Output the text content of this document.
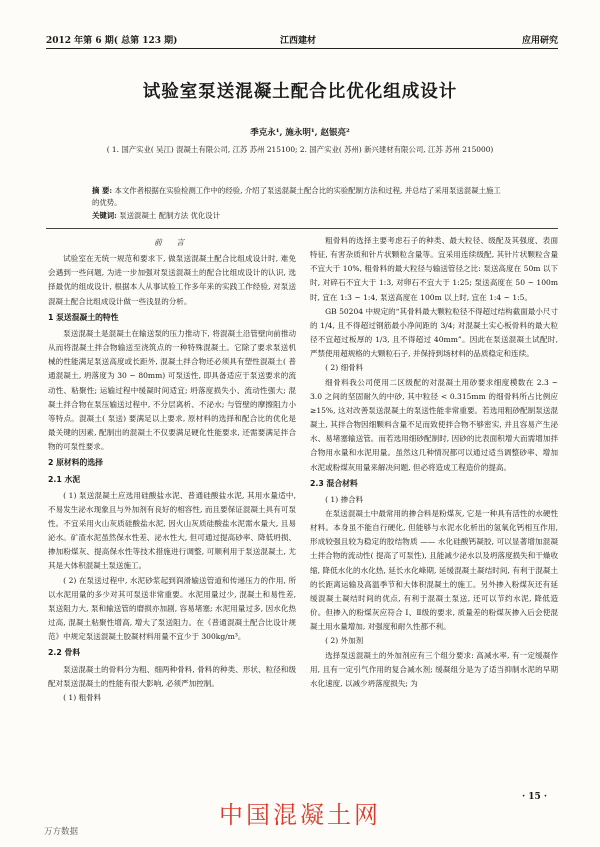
2012 年第 6 期( 总第 123 期)	江西建材	应用研究
试验室泵送混凝土配合比优化组成设计
季克永¹, 施永明¹, 赵银亮²
( 1. 国产实业( 吴江) 混凝土有限公司, 江苏 苏州 215100; 2. 国产实业( 苏州) 新兴建材有限公司, 江苏 苏州 215000)
摘 要: 本文作者根据在实验检测工作中的经验, 介绍了泵送混凝土配合比的实验配制方法和过程, 并总结了采用泵送混凝土施工的优势。
关键词: 泵送混凝土 配制方法 优化设计
前 言

试验室在无统一规范和要求下, 做泵送混凝土配合比组成设计时, 难免会遇到一些问题, 为进一步加强对泵送混凝土的配合比组成设计的认识, 选择最优的组成设计, 根据本人从事试验工作多年来的实践工作经验, 对泵送混凝土配合比组成设计做一些浅显的分析。

1 泵送混凝土的特性

泵送混凝土是混凝土在输送泵的压力推动下, 将混凝土沿管壁向前推动从而将混凝土拌合物输送至浇筑点的一种特殊混凝土。它除了要求泵送机械的性能满足泵送高度或长距外, 混凝土拌合物还必须具有塑性混凝土( 普通混凝土, 坍落度为 30 ~ 80mm) 可泵送性, 即具备适应于泵送要求的流动性、粘聚性; 运输过程中缓凝时间适宜; 坍落度损失小、流动性强大; 混凝土拌合物在泵压输送过程中, 不分层离析、不泌水; 与管壁的摩擦阻力小等特点。混凝土( 泵送) 要满足以上要求, 原材料的选择和配合比的优化是最关键的因素, 配制出的混凝土不仅要满足硬化性能要求, 还需要满足拌合物的可泵性要求。

2 原材料的选择
2.1 水泥

( 1) 泵送混凝土应选用硅酸盐水泥、普通硅酸盐水泥, 其用水量适中, 不易发生泌水现象且与外加剂有良好的相容性, 而且要保证混凝土具有可泵性。不宜采用火山灰质硅酸盐水泥, 因火山灰质硅酸盐水泥需水量大, 且易泌水。矿渣水泥虽然保水性差、泌水性大, 但可通过提高砂率、降低坍损、掺加粉煤灰、提高保水性等技术措施进行调整, 可顺利用于泵送混凝土, 尤其是大体积混凝土泵送施工。

( 2) 在泵送过程中, 水泥砂浆起到润滑输送管道和传递压力的作用, 所以水泥用量的多少对其可泵送非常重要。水泥用量过少, 混凝土和易性差, 泵送阻力大, 泵和输送管的磨损亦加剧, 容易堵塞; 水泥用量过多, 因水化热过高, 混凝土粘聚性增高, 增大了泵送阻力。在《普通混凝土配合比设计规范》中规定泵送混凝土胶凝材料用量不宜少于 300kg/m³。

2.2 骨料

泵送混凝土的骨料分为粗、细两种骨料, 骨料的种类、形状、粒径和级配对泵送混凝土的性能有很大影响, 必须严加控制。

( 1) 粗骨料

粗骨料的选择主要考虑石子的种类、最大粒径、级配及其强度、表面特征, 有害杂质和针片状颗粒含量等。宜采用连续级配, 其针片状颗粒含量不宜大于 10%, 粗骨料的最大粒径与输送管径之比: 泵送高度在 50m 以下时, 对碎石不宜大于 1:3, 对卵石不宜大于 1:25; 泵送高度在 50 ~ 100m 时, 宜在 1:3 ~ 1:4, 泵送高度在 100m 以上时, 宜在 1:4 ~ 1:5。

GB 50204 中规定的“其骨料最大颗粒粒径不得超过结构截面最小尺寸的 1/4, 且不得超过钢筋最小净间距的 3/4; 对混凝土实心板骨料的最大粒径不宜超过板厚的 1/3, 且不得超过 40mm”。因此在泵送混凝土试配时, 严禁使用超规格的大颗粒石子, 并保持到场材料的品质稳定和连续。

( 2) 细骨料

细骨料我公司使用二区级配的对混凝土用砂要求细度模数在 2.3 ~ 3.0 之间的坚固耐久的中砂, 其中粒径 < 0.315mm 的细骨料所占比例应≥15%, 这对改善泵送混凝土的泵送性能非常重要。若选用粗砂配制泵送混凝土, 其拌合物因细颗料含量不足而致使拌合物不够密实, 并且容易产生泌水、易堵塞输送管。而若选用细砂配制时, 因砂的比表面积增大而需增加拌合物用水量和水泥用量。虽然这几种情况都可以通过适当调整砂率、增加水泥或粉煤灰用量来解决问题, 但必将造成工程造价的提高。

2.3 混合材料
( 1) 掺合料

在泵送混凝土中最常用的掺合料是粉煤灰, 它是一种具有活性的水硬性材料。本身虽不能自行硬化, 但能够与水泥水化析出的氢氧化钙相互作用, 形成较强且较为稳定的胶结物质 —— 水化硅酸钙凝胶, 可以显著增加混凝土拌合物的流动性( 提高了可泵性), 且能减少泌水以及坍落度损失和干燥收缩, 降低水化的水化热, 延长水化峰期, 延缓混凝土凝结时间, 有利于混凝土的长距离运输及高温季节和大体积混凝土的施工。另外掺入粉煤灰还有延缓混凝土凝结时间的优点, 有利于混凝土泵送, 还可以节约水泥, 降低造价。但掺入的粉煤灰应符合 Ⅰ、Ⅱ级的要求, 质量差的粉煤灰掺入后会使混凝土用水量增加, 对强度和耐久性都不利。

( 2) 外加剂

选择泵送混凝土的外加剂应有三个组分要求: 高减水率, 有一定缓凝作用, 且有一定引气作用的复合减水剂; 缓凝组分是为了适当抑制水泥的早期水化速度, 以减少坍落度损失; 为

· 15 ·
中国混凝土网
万方数据
